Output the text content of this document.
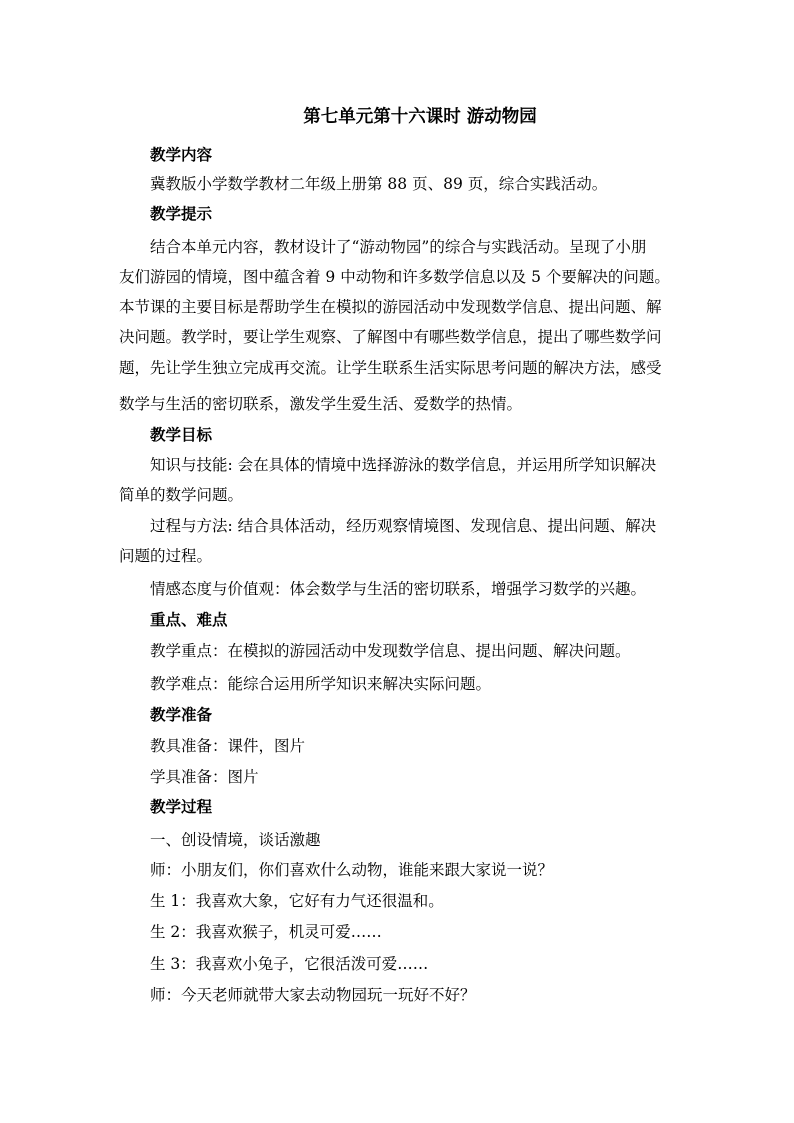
第七单元第十六课时 游动物园
教学内容
冀教版小学数学教材二年级上册第 88 页、89 页，综合实践活动。
教学提示
结合本单元内容，教材设计了“游动物园”的综合与实践活动。呈现了小朋
友们游园的情境，图中蕴含着 9 中动物和许多数学信息以及 5 个要解决的问题。
本节课的主要目标是帮助学生在模拟的游园活动中发现数学信息、提出问题、解
决问题。教学时，要让学生观察、了解图中有哪些数学信息，提出了哪些数学问
题，先让学生独立完成再交流。让学生联系生活实际思考问题的解决方法，感受
数学与生活的密切联系，激发学生爱生活、爱数学的热情。
教学目标
知识与技能: 会在具体的情境中选择游泳的数学信息，并运用所学知识解决
简单的数学问题。
过程与方法: 结合具体活动，经历观察情境图、发现信息、提出问题、解决
问题的过程。
情感态度与价值观：体会数学与生活的密切联系，增强学习数学的兴趣。
重点、难点
教学重点：在模拟的游园活动中发现数学信息、提出问题、解决问题。
教学难点：能综合运用所学知识来解决实际问题。
教学准备
教具准备：课件，图片
学具准备：图片
教学过程
一、创设情境，谈话激趣
师：小朋友们，你们喜欢什么动物，谁能来跟大家说一说？
生 1：我喜欢大象，它好有力气还很温和。
生 2：我喜欢猴子，机灵可爱……
生 3：我喜欢小兔子，它很活泼可爱……
师：今天老师就带大家去动物园玩一玩好不好？
